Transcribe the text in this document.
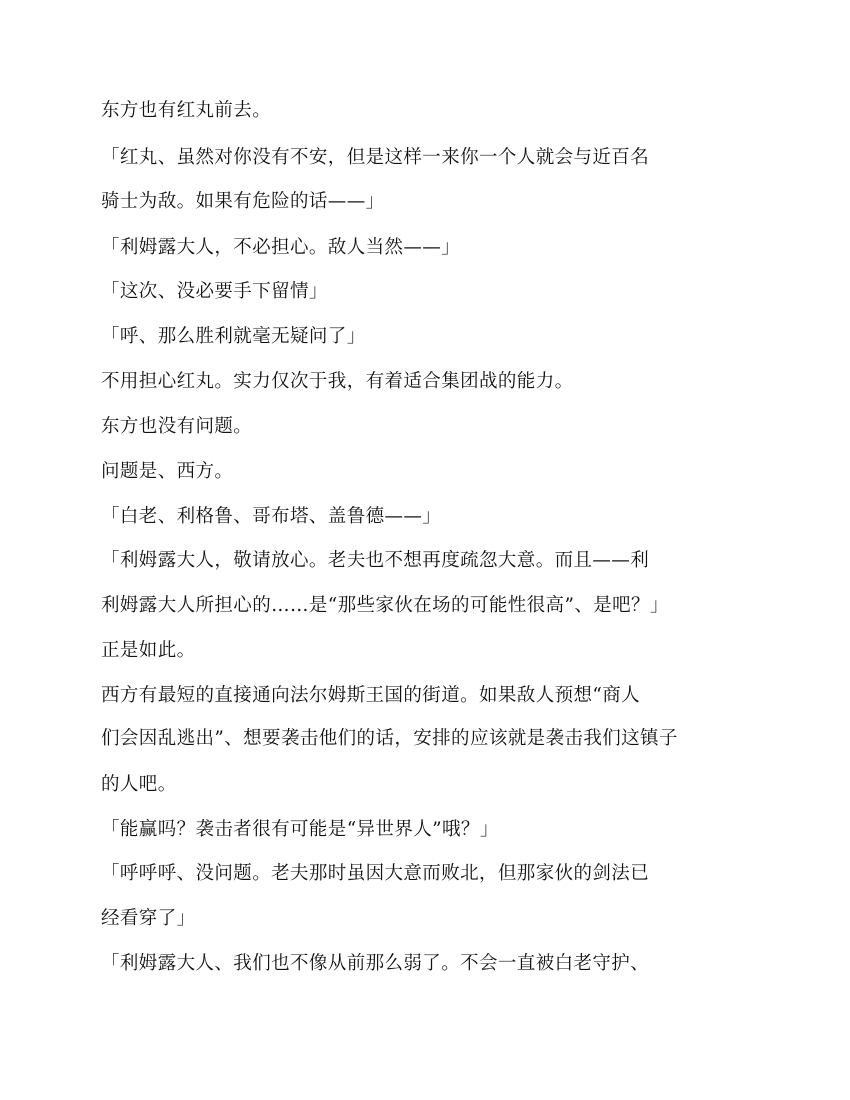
东方也有红丸前去。

「红丸、虽然对你没有不安，但是这样一来你一个人就会与近百名

骑士为敌。如果有危险的话——」

「利姆露大人，不必担心。敌人当然——」

「这次、没必要手下留情」

「呼、那么胜利就毫无疑问了」

不用担心红丸。实力仅次于我，有着适合集团战的能力。

东方也没有问题。

问题是、西方。

「白老、利格鲁、哥布塔、盖鲁德——」

「利姆露大人，敬请放心。老夫也不想再度疏忽大意。而且——利

利姆露大人所担心的……是“那些家伙在场的可能性很高”、是吧？」

正是如此。

西方有最短的直接通向法尔姆斯王国的街道。如果敌人预想“商人

们会因乱逃出”、想要袭击他们的话，安排的应该就是袭击我们这镇子

的人吧。

「能赢吗？袭击者很有可能是“异世界人”哦？」

「呼呼呼、没问题。老夫那时虽因大意而败北，但那家伙的剑法已

经看穿了」

「利姆露大人、我们也不像从前那么弱了。不会一直被白老守护、
